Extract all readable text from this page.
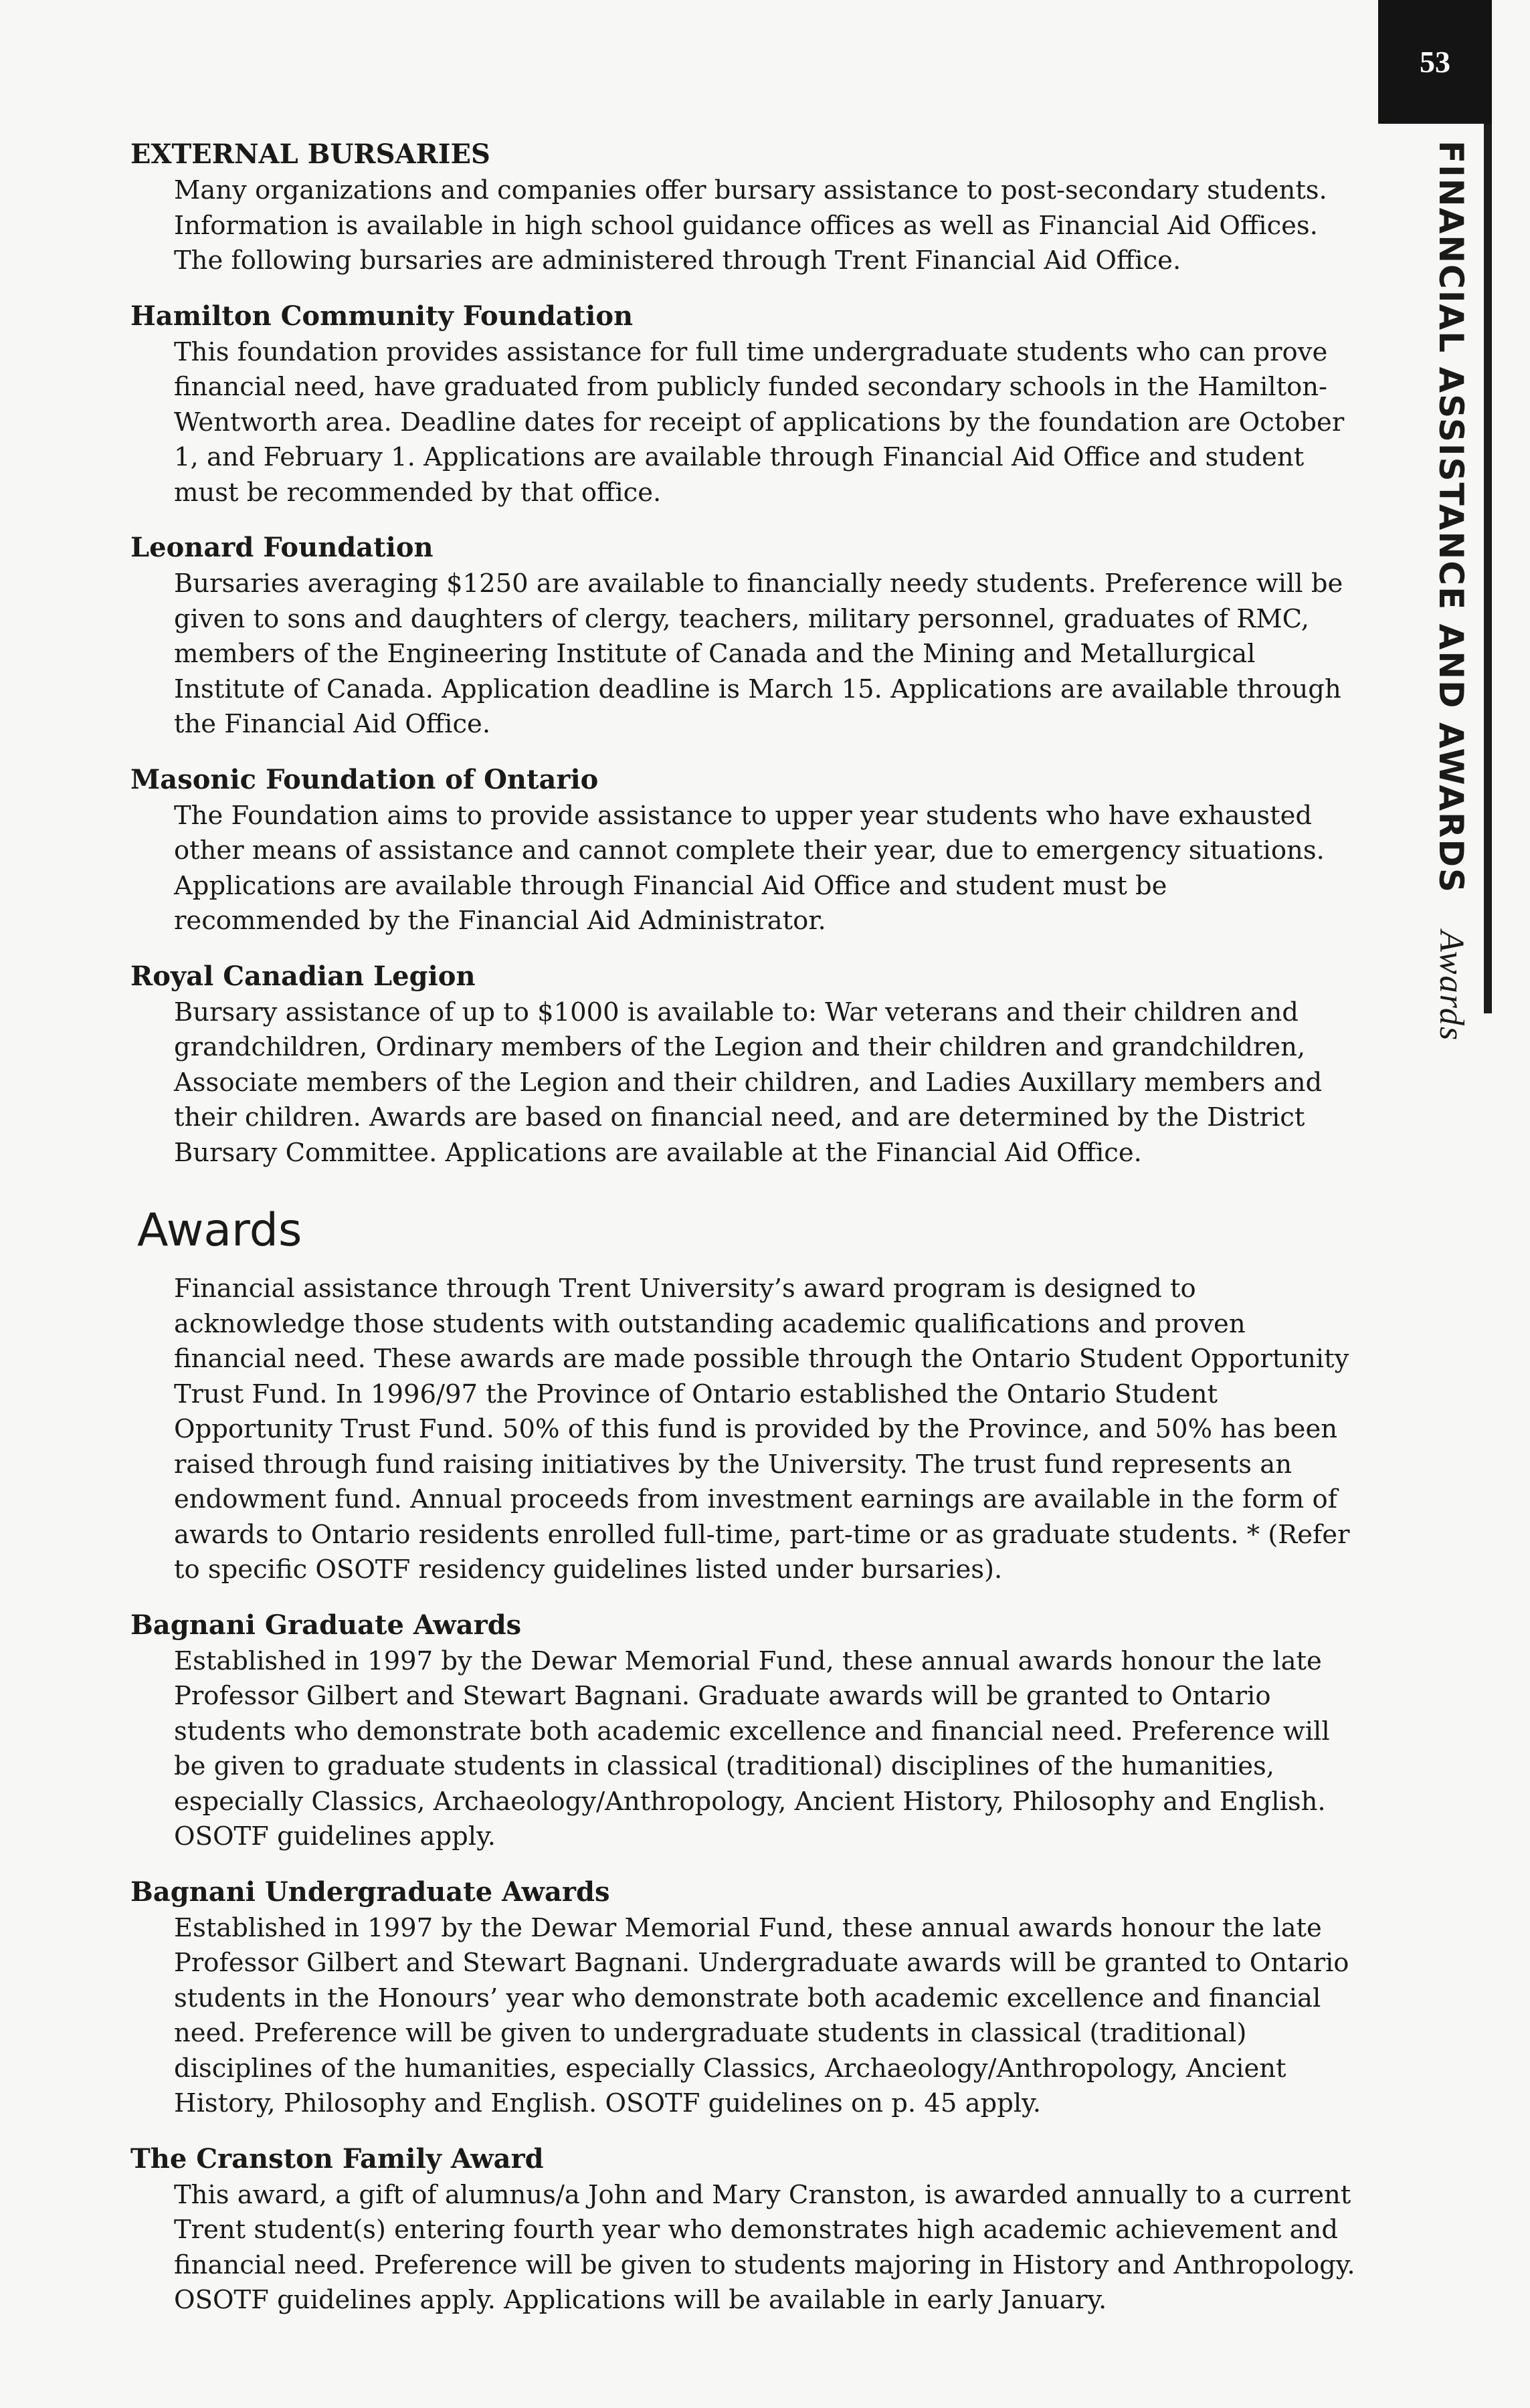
53
FINANCIAL ASSISTANCE AND AWARDS Awards

EXTERNAL BURSARIES

Many organizations and companies offer bursary assistance to post-secondary students. Information is available in high school guidance offices as well as Financial Aid Offices. The following bursaries are administered through Trent Financial Aid Office.

Hamilton Community Foundation

This foundation provides assistance for full time undergraduate students who can prove financial need, have graduated from publicly funded secondary schools in the Hamilton-Wentworth area. Deadline dates for receipt of applications by the foundation are October 1, and February 1. Applications are available through Financial Aid Office and student must be recommended by that office.

Leonard Foundation

Bursaries averaging $1250 are available to financially needy students. Preference will be given to sons and daughters of clergy, teachers, military personnel, graduates of RMC, members of the Engineering Institute of Canada and the Mining and Metallurgical Institute of Canada. Application deadline is March 15. Applications are available through the Financial Aid Office.

Masonic Foundation of Ontario

The Foundation aims to provide assistance to upper year students who have exhausted other means of assistance and cannot complete their year, due to emergency situations. Applications are available through Financial Aid Office and student must be recommended by the Financial Aid Administrator.

Royal Canadian Legion

Bursary assistance of up to $1000 is available to: War veterans and their children and grandchildren, Ordinary members of the Legion and their children and grandchildren, Associate members of the Legion and their children, and Ladies Auxillary members and their children. Awards are based on financial need, and are determined by the District Bursary Committee. Applications are available at the Financial Aid Office.

Awards

Financial assistance through Trent University’s award program is designed to acknowledge those students with outstanding academic qualifications and proven financial need. These awards are made possible through the Ontario Student Opportunity Trust Fund. In 1996/97 the Province of Ontario established the Ontario Student Opportunity Trust Fund. 50% of this fund is provided by the Province, and 50% has been raised through fund raising initiatives by the University. The trust fund represents an endowment fund. Annual proceeds from investment earnings are available in the form of awards to Ontario residents enrolled full-time, part-time or as graduate students. * (Refer to specific OSOTF residency guidelines listed under bursaries).

Bagnani Graduate Awards

Established in 1997 by the Dewar Memorial Fund, these annual awards honour the late Professor Gilbert and Stewart Bagnani. Graduate awards will be granted to Ontario students who demonstrate both academic excellence and financial need. Preference will be given to graduate students in classical (traditional) disciplines of the humanities, especially Classics, Archaeology/Anthropology, Ancient History, Philosophy and English. OSOTF guidelines apply.

Bagnani Undergraduate Awards

Established in 1997 by the Dewar Memorial Fund, these annual awards honour the late Professor Gilbert and Stewart Bagnani. Undergraduate awards will be granted to Ontario students in the Honours’ year who demonstrate both academic excellence and financial need. Preference will be given to undergraduate students in classical (traditional) disciplines of the humanities, especially Classics, Archaeology/Anthropology, Ancient History, Philosophy and English. OSOTF guidelines on p. 45 apply.

The Cranston Family Award

This award, a gift of alumnus/a John and Mary Cranston, is awarded annually to a current Trent student(s) entering fourth year who demonstrates high academic achievement and financial need. Preference will be given to students majoring in History and Anthropology. OSOTF guidelines apply. Applications will be available in early January.
